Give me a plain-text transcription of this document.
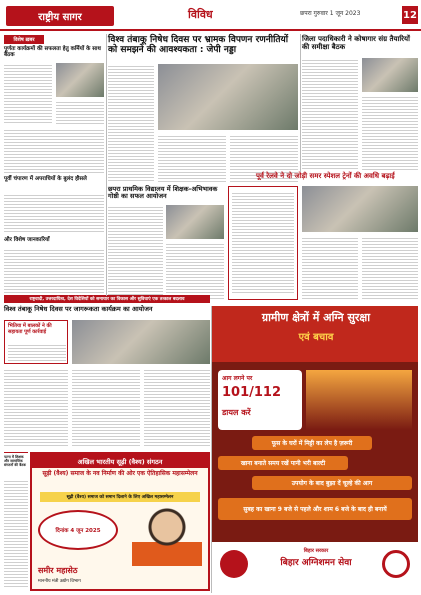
राष्ट्रीय सागर	विविध	छपरा गुरुवार 1 जून 2023	12
विशेष ख़बर
पूर्णतः कार्यक्रमों की सफलता हेतु कर्मियों के साथ बैठक
पूर्वी चंपारण में अपराधियों के बुलंद हौसले
और विशेष जानकारियाँ
विश्व तंबाकू निषेध दिवस पर भ्रामक विपणन रणनीतियों को समझने की आवश्यकता : जेपी नड्डा
छपरा प्राथमिक विद्यालय में शिक्षक-अभिभावक गोष्ठी का सफल आयोजन
जिला पदाधिकारी ने कोषागार संग्र तैयारियों की समीक्षा बैठक
पूर्व रेलवे ने दो जोड़ी समर स्पेशल ट्रेनों की अवधि बढ़ाई
राष्ट्रवादी, उत्तरदायित्व, देश विदेशियों को समाचार का विकास और सुविधाएं एक तत्काल बदलाव
विश्व तंबाकू निषेध दिवस पर जागरूकता कार्यक्रम का आयोजन
भितिया में बालकों ने की सहायता पूर्ण कार्रवाई
पटना में शिक्षक और सामाजिक संगठनों की बैठक	अखिल भारतीय सूढ़ी (वैश्य) संगठन
सूढ़ी (वैश्य) समाज के नव निर्माण की ओर एक ऐतिहासिक महासम्मेलन
सूढ़ी (वैश्य) समाज को समान दिलाने के लिए अखिल महासम्मेलन
दिनांक 4 जून 2025
समीर महासेठ
माननीय मंत्री उद्योग विभाग
ग्रामीण क्षेत्रों में अग्नि सुरक्षा
एवं बचाव
आग लगने पर
101/112
डायल करें
फूस के घरों में मिट्टी का लेप है ज़रूरी
खाना बनाते समय रखें पानी भरी बाल्टी
उपयोग के बाद बुझा दें चूल्हे की आग
सुबह का खाना 9 बजे से पहले और शाम 6 बजे के बाद ही बनायें
बिहार सरकार
बिहार अग्निशमन सेवा
